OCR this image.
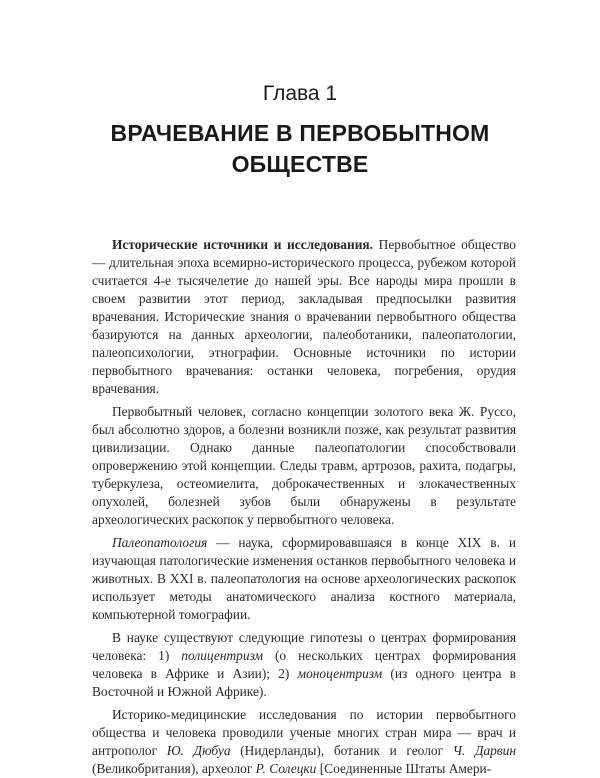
Глава 1
ВРАЧЕВАНИЕ В ПЕРВОБЫТНОМ
ОБЩЕСТВЕ

Исторические источники и исследования. Первобытное общество — длительная эпоха всемирно-исторического процесса, рубежом которой считается 4-е тысячелетие до нашей эры. Все народы мира прошли в своем развитии этот период, закладывая предпосылки развития врачевания. Исторические знания о врачевании первобытного общества базируются на данных археологии, палеоботаники, палеопатологии, палеопсихологии, этнографии. Основные источники по истории первобытного врачевания: останки человека, погребения, орудия врачевания.

Первобытный человек, согласно концепции золотого века Ж. Руссо, был абсолютно здоров, а болезни возникли позже, как результат развития цивилизации. Однако данные палеопатологии способствовали опровержению этой концепции. Следы травм, артрозов, рахита, подагры, туберкулеза, остеомиелита, доброкачественных и злокачественных опухолей, болезней зубов были обнаружены в результате археологических раскопок у первобытного человека.

Палеопатология — наука, сформировавшаяся в конце XIX в. и изучающая патологические изменения останков первобытного человека и животных. В XXI в. палеопатология на основе археологических раскопок использует методы анатомического анализа костного материала, компьютерной томографии.

В науке существуют следующие гипотезы о центрах формирования человека: 1) полицентризм (о нескольких центрах формирования человека в Африке и Азии); 2) моноцентризм (из одного центра в Восточной и Южной Африке).

Историко-медицинские исследования по истории первобытного общества и человека проводили ученые многих стран мира — врач и антрополог Ю. Дюбуа (Нидерланды), ботаник и геолог Ч. Дарвин (Великобритания), археолог Р. Солецки [Соединенные Штаты Амери-
